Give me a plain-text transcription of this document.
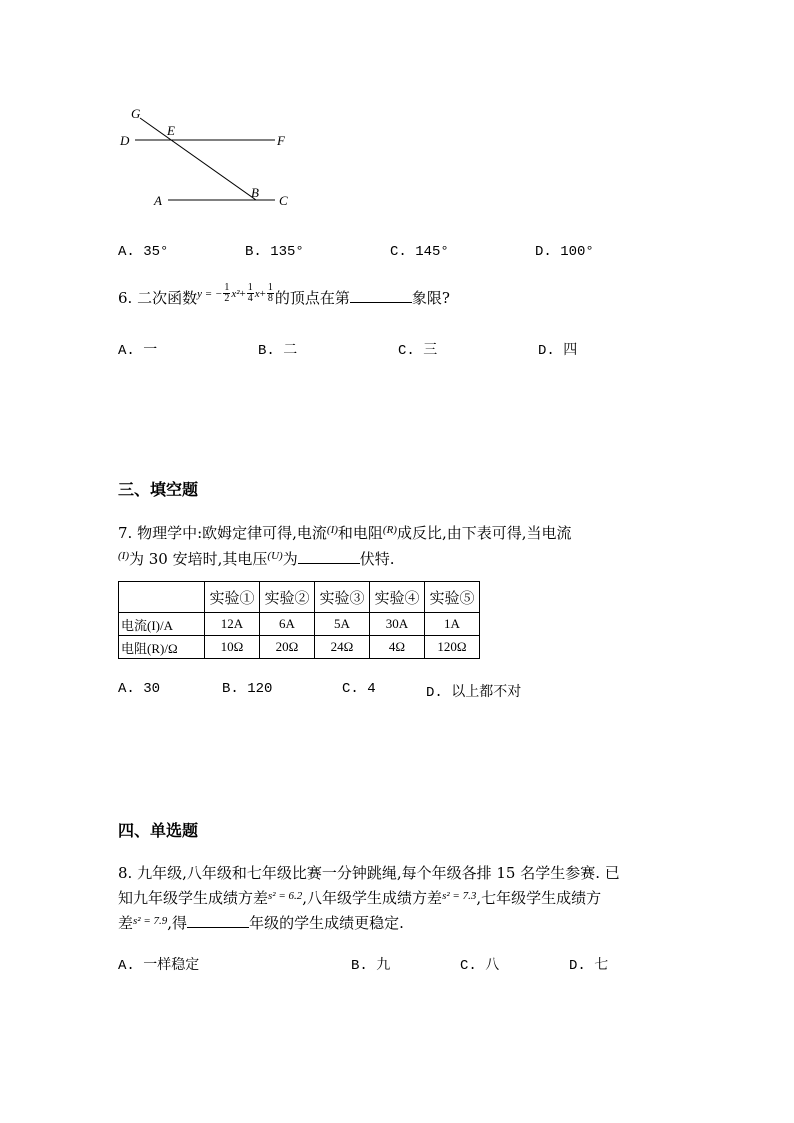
G
E
D	F
A
B
C
A. 35°	B. 135°	C. 145°	D. 100°
6. 二次函数y = − $\frac{1}{2} x^2+ \frac{1}{4} x+ \frac{1}{8}$ 的顶点在第	象限?
A. 一	B. 二	C. 三	D. 四
三、填空题
7. 物理学中:欧姆定律可得,电流$^{(I)}$和电阻$^{(R)}$成反比,由下表可得,当电流
$^{(I)}$为 30 安培时,其电压$^{(U)}$为	伏特.
	实验①	实验②	实验③	实验④	实验⑤
电流(I)/A	12A	6A	5A	30A	1A
电阻(R)/Ω	10Ω	20Ω	24Ω	4Ω	120Ω
A. 30	B. 120	C. 4	D. 以上都不对
四、单选题
8. 九年级,八年级和七年级比赛一分钟跳绳,每个年级各排 15 名学生参赛. 已
知九年级学生成绩方差$^{s^2 = 6.2}$,八年级学生成绩方差$^{s^2 = 7.3}$,七年级学生成绩方
差$^{s^2 = 7.9}$,得	年级的学生成绩更稳定.
A. 一样稳定	B. 九	C. 八	D. 七
